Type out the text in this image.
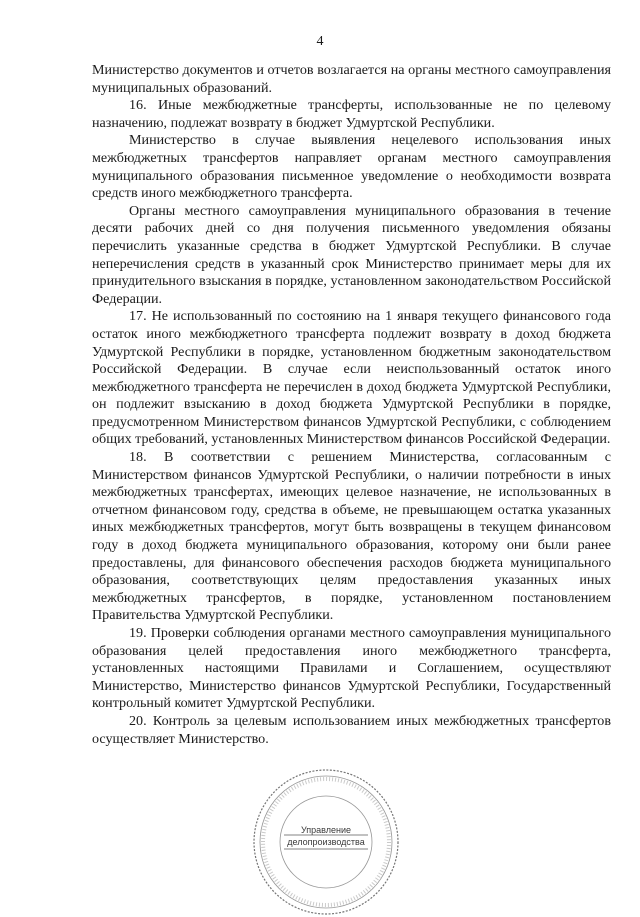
4

Министерство документов и отчетов возлагается на органы местного самоуправления муниципальных образований.

16. Иные межбюджетные трансферты, использованные не по целевому назначению, подлежат возврату в бюджет Удмуртской Республики.

Министерство в случае выявления нецелевого использования иных межбюджетных трансфертов направляет органам местного самоуправления муниципального образования письменное уведомление о необходимости возврата средств иного межбюджетного трансферта.

Органы местного самоуправления муниципального образования в течение десяти рабочих дней со дня получения письменного уведомления обязаны перечислить указанные средства в бюджет Удмуртской Республики. В случае неперечисления средств в указанный срок Министерство принимает меры для их принудительного взыскания в порядке, установленном законодательством Российской Федерации.

17. Не использованный по состоянию на 1 января текущего финансового года остаток иного межбюджетного трансферта подлежит возврату в доход бюджета Удмуртской Республики в порядке, установленном бюджетным законодательством Российской Федерации. В случае если неиспользованный остаток иного межбюджетного трансферта не перечислен в доход бюджета Удмуртской Республики, он подлежит взысканию в доход бюджета Удмуртской Республики в порядке, предусмотренном Министерством финансов Удмуртской Республики, с соблюдением общих требований, установленных Министерством финансов Российской Федерации.

18. В соответствии с решением Министерства, согласованным с Министерством финансов Удмуртской Республики, о наличии потребности в иных межбюджетных трансфертах, имеющих целевое назначение, не использованных в отчетном финансовом году, средства в объеме, не превышающем остатка указанных иных межбюджетных трансфертов, могут быть возвращены в текущем финансовом году в доход бюджета муниципального образования, которому они были ранее предоставлены, для финансового обеспечения расходов бюджета муниципального образования, соответствующих целям предоставления указанных иных межбюджетных трансфертов, в порядке, установленном постановлением Правительства Удмуртской Республики.

19. Проверки соблюдения органами местного самоуправления муниципального образования целей предоставления иного межбюджетного трансферта, установленных настоящими Правилами и Соглашением, осуществляют Министерство, Министерство финансов Удмуртской Республики, Государственный контрольный комитет Удмуртской Республики.

20. Контроль за целевым использованием иных межбюджетных трансфертов осуществляет Министерство.

Управление
делопроизводства
